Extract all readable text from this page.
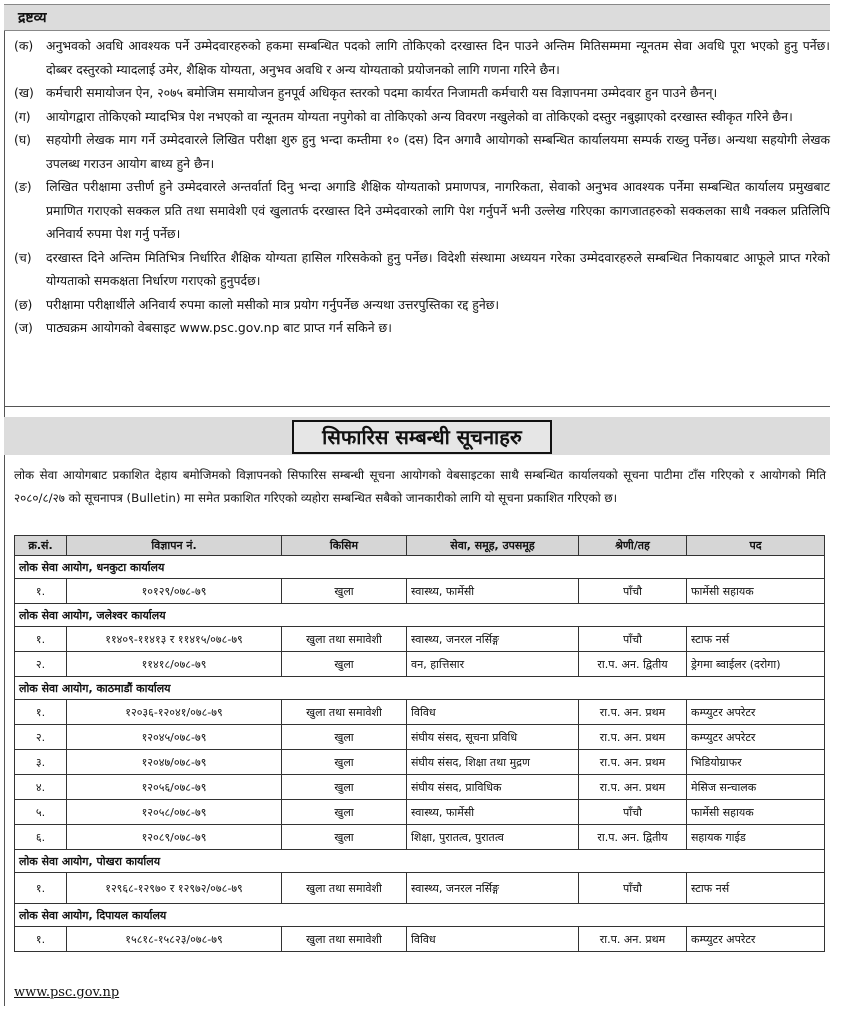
द्रष्टव्य
(क)	अनुभवको अवधि आवश्यक पर्ने उम्मेदवारहरुको हकमा सम्बन्धित पदको लागि तोकिएको दरखास्त दिन पाउने अन्तिम मितिसम्ममा न्यूनतम सेवा अवधि पूरा भएको हुनु पर्नेछ। दोब्बर दस्तुरको म्यादलाई उमेर, शैक्षिक योग्यता, अनुभव अवधि र अन्य योग्यताको प्रयोजनको लागि गणना गरिने छैन।
(ख) कर्मचारी समायोजन ऐन, २०७५ बमोजिम समायोजन हुनपूर्व अधिकृत स्तरको पदमा कार्यरत निजामती कर्मचारी यस विज्ञापनमा उम्मेदवार हुन पाउने छैनन्।
(ग)	आयोगद्वारा तोकिएको म्यादभित्र पेश नभएको वा न्यूनतम योग्यता नपुगेको वा तोकिएको अन्य विवरण नखुलेको वा तोकिएको दस्तुर नबुझाएको दरखास्त स्वीकृत गरिने छैन।
(घ)	सहयोगी लेखक माग गर्ने उम्मेदवारले लिखित परीक्षा शुरु हुनु भन्दा कम्तीमा १० (दस) दिन अगावै आयोगको सम्बन्धित कार्यालयमा सम्पर्क राख्नु पर्नेछ। अन्यथा सहयोगी लेखक उपलब्ध गराउन आयोग बाध्य हुने छैन।
(ङ)	लिखित परीक्षामा उत्तीर्ण हुने उम्मेदवारले अन्तर्वार्ता दिनु भन्दा अगाडि शैक्षिक योग्यताको प्रमाणपत्र, नागरिकता, सेवाको अनुभव आवश्यक पर्नेमा सम्बन्धित कार्यालय प्रमुखबाट प्रमाणित गराएको सक्कल प्रति तथा समावेशी एवं खुलातर्फ दरखास्त दिने उम्मेदवारको लागि पेश गर्नुपर्ने भनी उल्लेख गरिएका कागजातहरुको सक्कलका साथै नक्कल प्रतिलिपि अनिवार्य रुपमा पेश गर्नु पर्नेछ।
(च)	दरखास्त दिने अन्तिम मितिभित्र निर्धारित शैक्षिक योग्यता हासिल गरिसकेको हुनु पर्नेछ। विदेशी संस्थामा अध्ययन गरेका उम्मेदवारहरुले सम्बन्धित निकायबाट आफूले प्राप्त गरेको योग्यताको समकक्षता निर्धारण गराएको हुनुपर्दछ।
(छ)	परीक्षामा परीक्षार्थीले अनिवार्य रुपमा कालो मसीको मात्र प्रयोग गर्नुपर्नेछ अन्यथा उत्तरपुस्तिका रद्द हुनेछ।
(ज)	पाठ्यक्रम आयोगको वेबसाइट www.psc.gov.np बाट प्राप्त गर्न सकिने छ।
सिफारिस सम्बन्धी सूचनाहरु
लोक सेवा आयोगबाट प्रकाशित देहाय बमोजिमको विज्ञापनको सिफारिस सम्बन्धी सूचना आयोगको वेबसाइटका साथै सम्बन्धित कार्यालयको सूचना पाटीमा टाँस गरिएको र आयोगको मिति २०८०/८/२७ को सूचनापत्र (Bulletin) मा समेत प्रकाशित गरिएको व्यहोरा सम्बन्धित सबैको जानकारीको लागि यो सूचना प्रकाशित गरिएको छ।
क्र.सं.	विज्ञापन नं.	किसिम	सेवा, समूह, उपसमूह	श्रेणी/तह	पद
लोक सेवा आयोग, धनकुटा कार्यालय					
१.	१०१२९/०७८-७९	खुला	स्वास्थ्य, फार्मेसी	पाँचौ	फार्मेसी सहायक
लोक सेवा आयोग, जलेश्वर कार्यालय					
१.	११४०९-११४१३ र ११४१५/०७८-७९	खुला तथा समावेशी	स्वास्थ्य, जनरल नर्सिङ्ग	पाँचौ	स्टाफ नर्स
२.	११४१८/०७८-७९	खुला	वन, हात्तिसार	रा.प. अन. द्वितीय	ड्रेगमा ब्वाईलर (दरोगा)
लोक सेवा आयोग, काठमाडौं कार्यालय					
१.	१२०३६-१२०४१/०७८-७९	खुला तथा समावेशी	विविध	रा.प. अन. प्रथम	कम्प्युटर अपरेटर
२.	१२०४५/०७८-७९	खुला	संघीय संसद, सूचना प्रविधि	रा.प. अन. प्रथम	कम्प्युटर अपरेटर
३.	१२०४७/०७८-७९	खुला	संघीय संसद, शिक्षा तथा मुद्रण	रा.प. अन. प्रथम	भिडियोग्राफर
४.	१२०५६/०७८-७९	खुला	संघीय संसद, प्राविधिक	रा.प. अन. प्रथम	मेसिज सन्चालक
५.	१२०५८/०७८-७९	खुला	स्वास्थ्य, फार्मेसी	पाँचौ	फार्मेसी सहायक
६.	१२०८९/०७८-७९	खुला	शिक्षा, पुरातत्व, पुरातत्व	रा.प. अन. द्वितीय	सहायक गाईड
लोक सेवा आयोग, पोखरा कार्यालय					
१.	१२९६८-१२९७० र १२९७२/०७८-७९	खुला तथा समावेशी	स्वास्थ्य, जनरल नर्सिङ्ग	पाँचौ	स्टाफ नर्स
लोक सेवा आयोग, दिपायल कार्यालय					
१.	१५८१८-१५८२३/०७८-७९	खुला तथा समावेशी	विविध	रा.प. अन. प्रथम	कम्प्युटर अपरेटर
www.psc.gov.np
